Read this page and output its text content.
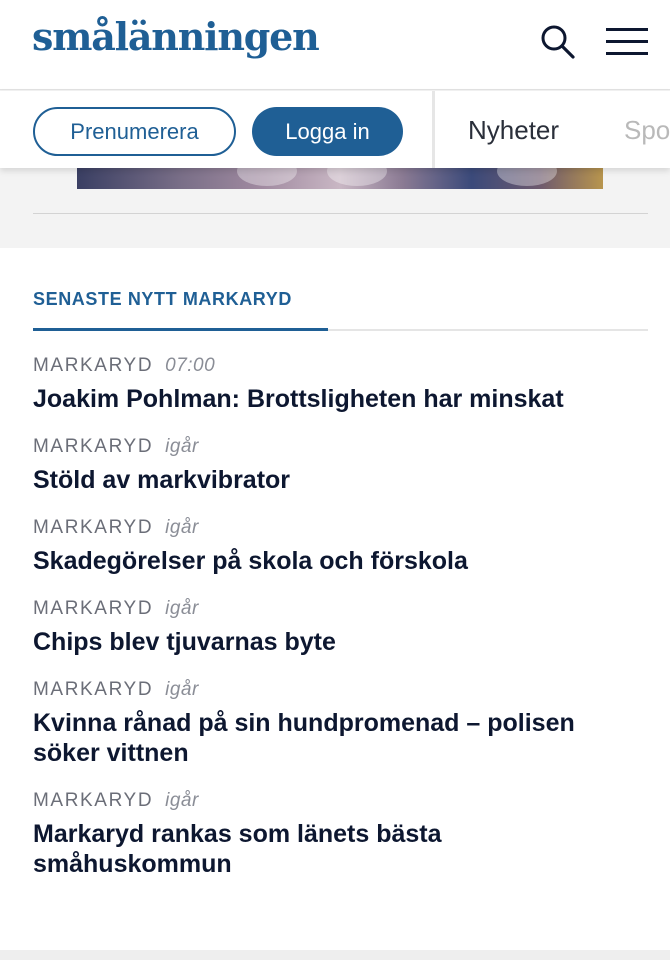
smålänningen
Prenumerera	Logga in	Nyheter Spo
SENASTE NYTT MARKARYD
MARKARYD 07:00
Joakim Pohlman: Brottsligheten har minskat
MARKARYD igår
Stöld av markvibrator
MARKARYD igår
Skadegörelser på skola och förskola
MARKARYD igår
Chips blev tjuvarnas byte
MARKARYD igår
Kvinna rånad på sin hundpromenad – polisen söker vittnen
MARKARYD igår
Markaryd rankas som länets bästa småhuskommun
